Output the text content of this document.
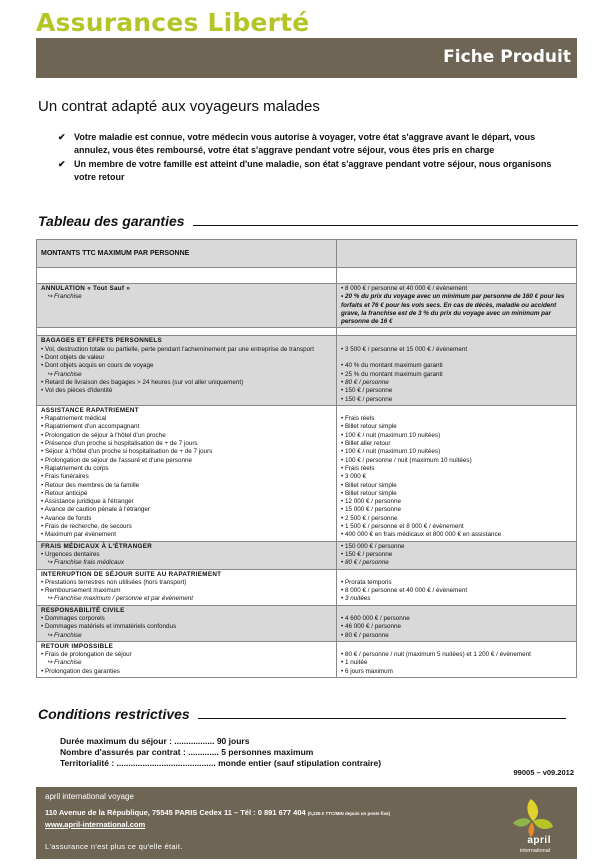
Assurances Liberté
Fiche Produit
Un contrat adapté aux voyageurs malades
✔ Votre maladie est connue, votre médecin vous autorise à voyager, votre état s'aggrave avant le départ, vous annulez, vous êtes remboursé, votre état s'aggrave pendant votre séjour, vous êtes pris en charge
✔ Un membre de votre famille est atteint d'une maladie, son état s'aggrave pendant votre séjour, nous organisons votre retour
Tableau des garanties
MONTANTS TTC MAXIMUM PAR PERSONNE
ANNULATION « Tout Sauf »
↪ Franchise
• 8 000 € / personne et 40 000 € / évènement
• 20 % du prix du voyage avec un minimum par personne de 160 € pour les forfaits et 76 € pour les vols secs. En cas de décès, maladie ou accident grave, la franchise est de 3 % du prix du voyage avec un minimum par personne de 16 €
BAGAGES ET EFFETS PERSONNELS
• Vol, destruction totale ou partielle, perte pendant l'acheminement par une entreprise de transport
• Dont objets de valeur
• Dont objets acquis en cours de voyage
↪ Franchise
• Retard de livraison des bagages > 24 heures (sur vol aller uniquement)
• Vol des pièces d'identité
• 3 500 € / personne et 15 000 € / évènement
• 40 % du montant maximum garanti
• 25 % du montant maximum garanti
• 80 € / personne
• 150 € / personne
• 150 € / personne
ASSISTANCE RAPATRIEMENT
• Rapatriement médical
• Rapatriement d'un accompagnant
• Prolongation de séjour à l'hôtel d'un proche
• Présence d'un proche si hospitalisation de + de 7 jours
• Séjour à l'hôtel d'un proche si hospitalisation de + de 7 jours
• Prolongation de séjour de l'assuré et d'une personne
• Rapatriement du corps
• Frais funéraires
• Retour des membres de la famille
• Retour anticipé
• Assistance juridique à l'étranger
• Avance de caution pénale à l'étranger
• Avance de fonds
• Frais de recherche, de secours
• Maximum par évènement
• Frais réels
• Billet retour simple
• 100 € / nuit (maximum 10 nuitées)
• Billet aller retour
• 100 € / nuit (maximum 10 nuitées)
• 100 € / personne / nuit (maximum 10 nuitées)
• Frais réels
• 3 000 €
• Billet retour simple
• Billet retour simple
• 12 000 € / personne
• 15 000 € / personne
• 2 500 € / personne
• 1 500 € / personne et 8 000 € / évènement
• 400 000 € en frais médicaux et 800 000 € en assistance
FRAIS MÉDICAUX À L'ÉTRANGER
• Urgences dentaires
↪ Franchise frais médicaux
• 150 000 € / personne
• 150 € / personne
• 80 € / personne
INTERRUPTION DE SÉJOUR SUITE AU RAPATRIEMENT
• Prestations terrestres non utilisées (hors transport)
• Remboursement maximum
↪ Franchise maximum / personne et par évènement
• Prorata temporis
• 8 000 € / personne et 40 000 € / évènement
• 3 nuitées
RESPONSABILITÉ CIVILE
• Dommages corporels
• Dommages matériels et immatériels confondus
↪ Franchise
• 4 600 000 € / personne
• 46 000 € / personne
• 80 € / personne
RETOUR IMPOSSIBLE
• Frais de prolongation de séjour
↪ Franchise
• Prolongation des garanties
• 80 € / personne / nuit (maximum 5 nuitées) et 1 200 € / évènement
• 1 nuitée
• 6 jours maximum
Conditions restrictives
Durée maximum du séjour : ................. 90 jours
Nombre d'assurés par contrat : ............. 5 personnes maximum
Territorialité : .......................................... monde entier (sauf stipulation contraire)
99005 – v09.2012
april international voyage
110 Avenue de la République, 75545 PARIS Cedex 11 – Tél : 0 891 677 404 (0,225 € TTC/MIN depuis un poste fixe)
www.april-international.com
L'assurance n'est plus ce qu'elle était.
april
international
